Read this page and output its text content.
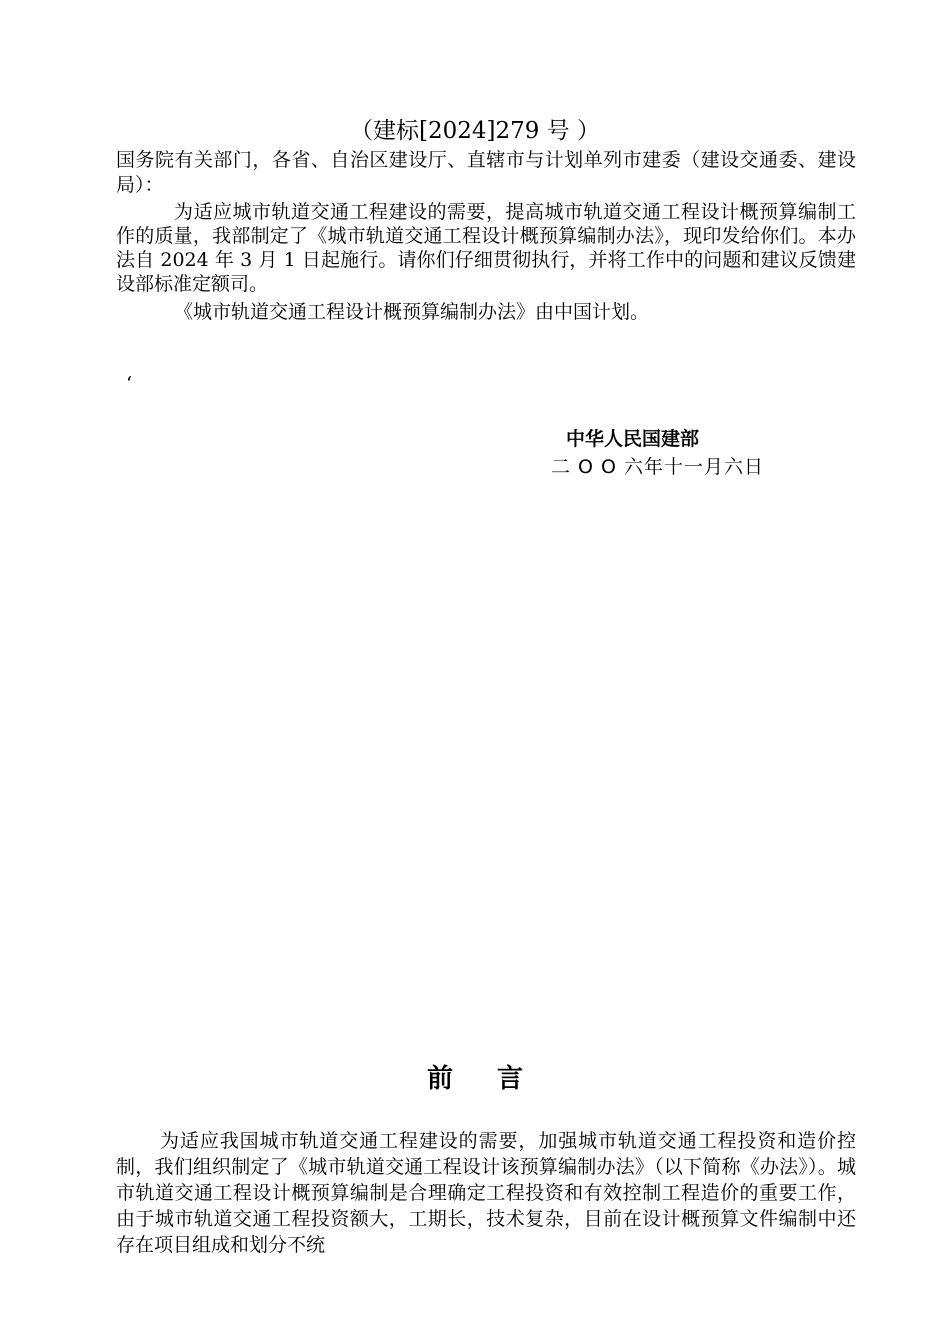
（建标[2024]279 号 ）
国务院有关部门，各省、自治区建设厅、直辖市与计划单列市建委（建设交通委、建设局）：
为适应城市轨道交通工程建设的需要，提高城市轨道交通工程设计概预算编制工作的质量，我部制定了《城市轨道交通工程设计概预算编制办法》，现印发给你们。本办法自 2024 年 3 月 1 日起施行。请你们仔细贯彻执行，并将工作中的问题和建议反馈建设部标准定额司。
《城市轨道交通工程设计概预算编制办法》由中国计划。
‘
中华人民国建部
二 O O 六年十一月六日
前言
为适应我国城市轨道交通工程建设的需要，加强城市轨道交通工程投资和造价控制，我们组织制定了《城市轨道交通工程设计该预算编制办法》（以下简称《办法》）。城市轨道交通工程设计概预算编制是合理确定工程投资和有效控制工程造价的重要工作，由于城市轨道交通工程投资额大，工期长，技术复杂，目前在设计概预算文件编制中还存在项目组成和划分不统
